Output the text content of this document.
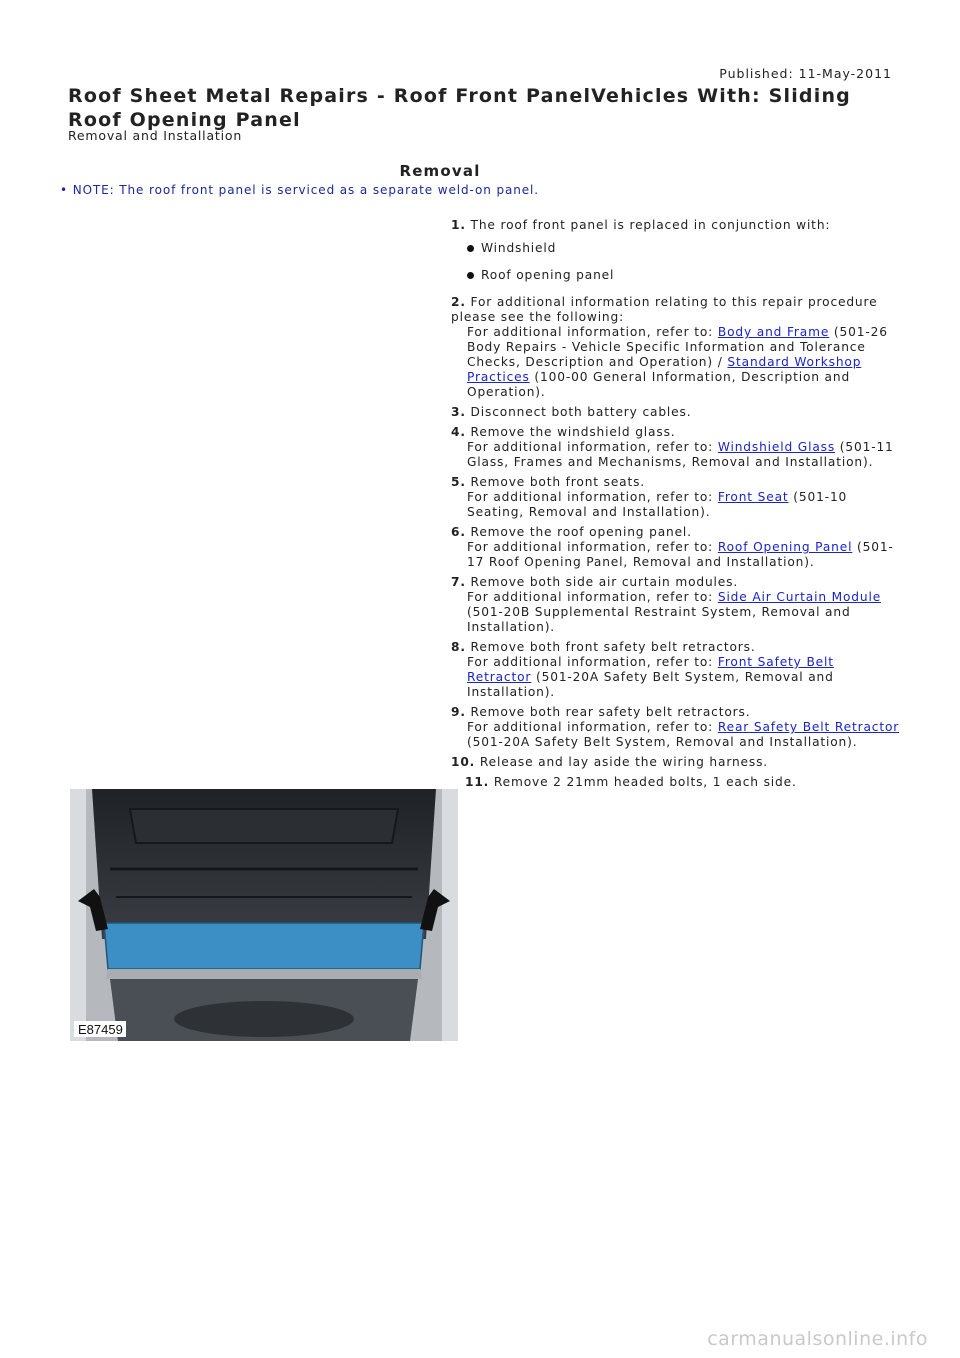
Published: 11-May-2011
Roof Sheet Metal Repairs - Roof Front PanelVehicles With: Sliding Roof Opening Panel
Removal and Installation
Removal
• NOTE: The roof front panel is serviced as a separate weld-on panel.
1. The roof front panel is replaced in conjunction with:
Windshield
Roof opening panel
2. For additional information relating to this repair procedure please see the following:
For additional information, refer to: Body and Frame (501-26 Body Repairs - Vehicle Specific Information and Tolerance Checks, Description and Operation) / Standard Workshop Practices (100-00 General Information, Description and Operation).
3. Disconnect both battery cables.
4. Remove the windshield glass.
For additional information, refer to: Windshield Glass (501-11 Glass, Frames and Mechanisms, Removal and Installation).
5. Remove both front seats.
For additional information, refer to: Front Seat (501-10 Seating, Removal and Installation).
6. Remove the roof opening panel.
For additional information, refer to: Roof Opening Panel (501-17 Roof Opening Panel, Removal and Installation).
7. Remove both side air curtain modules.
For additional information, refer to: Side Air Curtain Module (501-20B Supplemental Restraint System, Removal and Installation).
8. Remove both front safety belt retractors.
For additional information, refer to: Front Safety Belt Retractor (501-20A Safety Belt System, Removal and Installation).
9. Remove both rear safety belt retractors.
For additional information, refer to: Rear Safety Belt Retractor (501-20A Safety Belt System, Removal and Installation).
10. Release and lay aside the wiring harness.
11. Remove 2 21mm headed bolts, 1 each side.
E87459
carmanualsonline.info
